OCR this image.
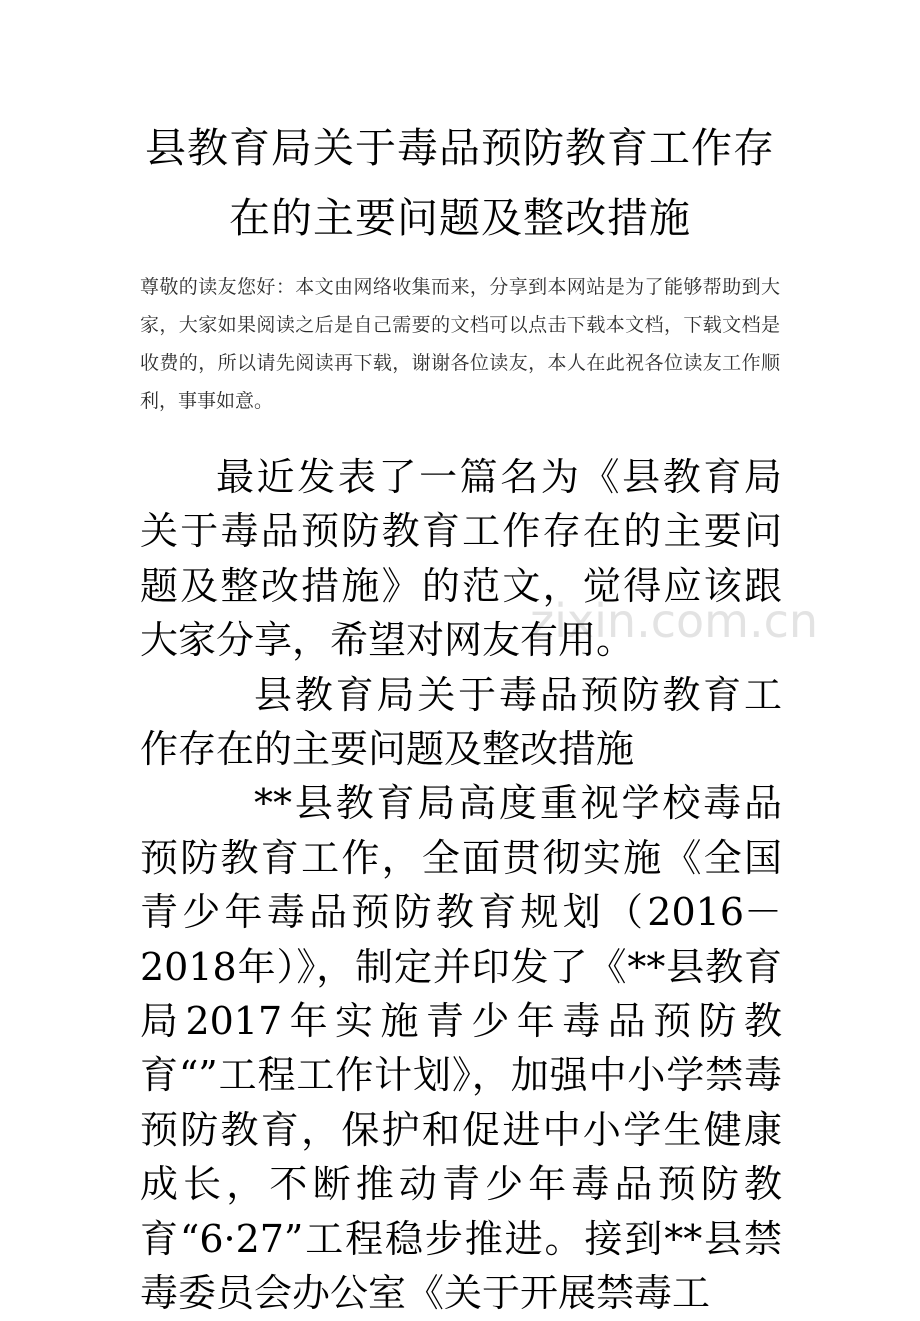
县教育局关于毒品预防教育工作存
在的主要问题及整改措施

尊敬的读友您好：本文由网络收集而来，分享到本网站是为了能够帮助到大家，大家如果阅读之后是自己需要的文档可以点击下载本文档，下载文档是收费的，所以请先阅读再下载，谢谢各位读友，本人在此祝各位读友工作顺利，事事如意。

zixin.com.cn

最近发表了一篇名为《县教育局关于毒品预防教育工作存在的主要问题及整改措施》的范文，觉得应该跟大家分享，希望对网友有用。

县教育局关于毒品预防教育工作存在的主要问题及整改措施

**县教育局高度重视学校毒品预防教育工作，全面贯彻实施《全国青少年毒品预防教育规划（2016－2018年）》，制定并印发了《**县教育局2017年实施青少年毒品预防教育“”工程工作计划》，加强中小学禁毒预防教育，保护和促进中小学生健康成长，不断推动青少年毒品预防教育“6·27”工程稳步推进。接到**县禁毒委员会办公室《关于开展禁毒工
